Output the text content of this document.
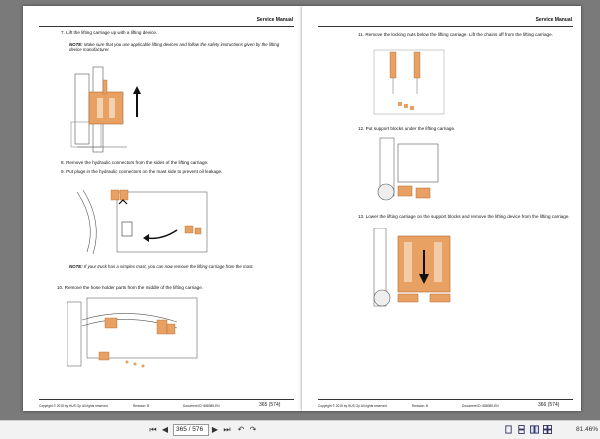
Service Manual
7. Lift the lifting carriage up with a lifting device.
NOTE: Make sure that you use applicable lifting devices and follow the safety instructions given by the lifting device manufacturer.
8. Remove the hydraulic connectors from the sides of the lifting carriage.
9. Put plugs in the hydraulic connectors on the mast side to prevent oil leakage.
NOTE: If your truck has a simplex mast, you can now remove the lifting carriage from the mast.
10. Remove the hose holder parts from the middle of the lifting carriage.
Copyright © 2015 by HUS Oy. All rights reserved.	Revision: B	Document ID: 688089-EN	365 (574)
Service Manual
11. Remove the locking nuts below the lifting carriage. Lift the chains off from the lifting carriage.
12. Put support blocks under the lifting carriage.
13. Lower the lifting carriage on the support blocks and remove the lifting device from the lifting carriage.
Copyright © 2015 by HUS Oy. All rights reserved.	Revision: B	Document ID: 688089-EN	366 (574)
⏮ ◀	365 / 576	▶ ⏭ ↶ ↷	81.46%
